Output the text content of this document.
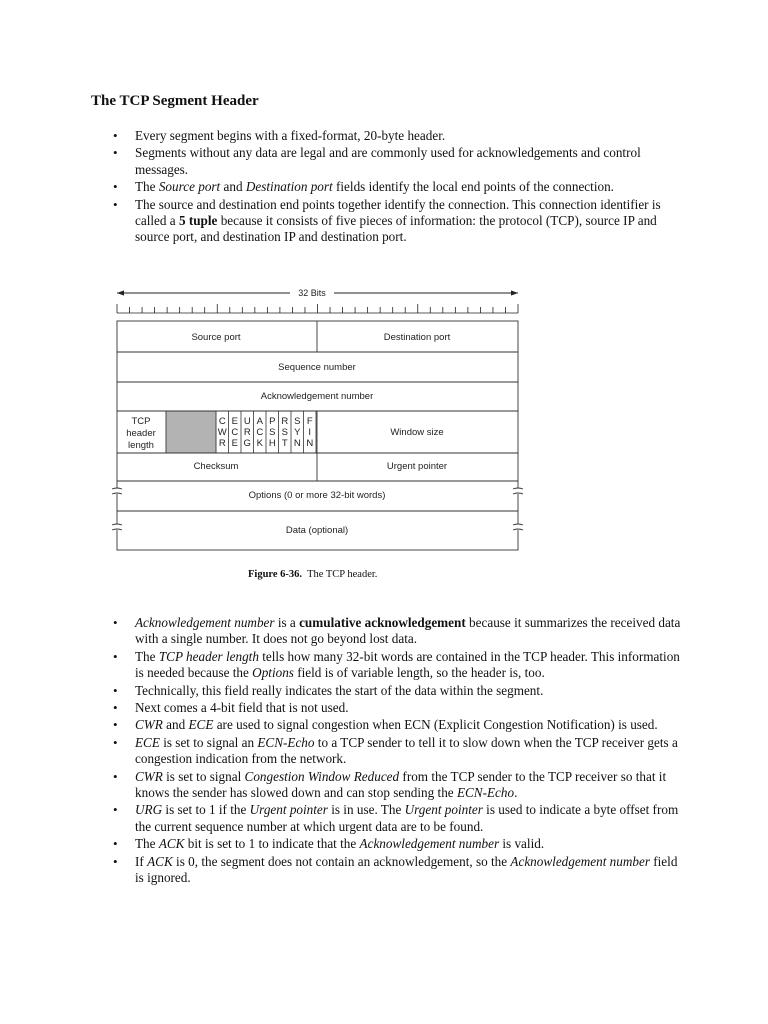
The TCP Segment Header
• Every segment begins with a fixed-format, 20-byte header.
• Segments without any data are legal and are commonly used for acknowledgements and control messages.
• The Source port and Destination port fields identify the local end points of the connection.
• The source and destination end points together identify the connection. This connection identifier is called a 5 tuple because it consists of five pieces of information: the protocol (TCP), source IP and source port, and destination IP and destination port.
32 Bits
Source port	Destination port
Sequence number
Acknowledgement number
TCP
header
length
Window size
Checksum	Urgent pointer
Options (0 or more 32-bit words)
Data (optional)
C
W
R
E
C
E
U
R
G
A
C
K
P
S
H
R
S
T
S
Y
N
F
I
N
Figure 6-36. The TCP header.
• Acknowledgement number is a cumulative acknowledgement because it summarizes the received data with a single number. It does not go beyond lost data.
• The TCP header length tells how many 32-bit words are contained in the TCP header. This information is needed because the Options field is of variable length, so the header is, too.
• Technically, this field really indicates the start of the data within the segment.
• Next comes a 4-bit field that is not used.
• CWR and ECE are used to signal congestion when ECN (Explicit Congestion Notification) is used.
• ECE is set to signal an ECN-Echo to a TCP sender to tell it to slow down when the TCP receiver gets a congestion indication from the network.
• CWR is set to signal Congestion Window Reduced from the TCP sender to the TCP receiver so that it knows the sender has slowed down and can stop sending the ECN-Echo.
• URG is set to 1 if the Urgent pointer is in use. The Urgent pointer is used to indicate a byte offset from the current sequence number at which urgent data are to be found.
• The ACK bit is set to 1 to indicate that the Acknowledgement number is valid.
• If ACK is 0, the segment does not contain an acknowledgement, so the Acknowledgement number field is ignored.
